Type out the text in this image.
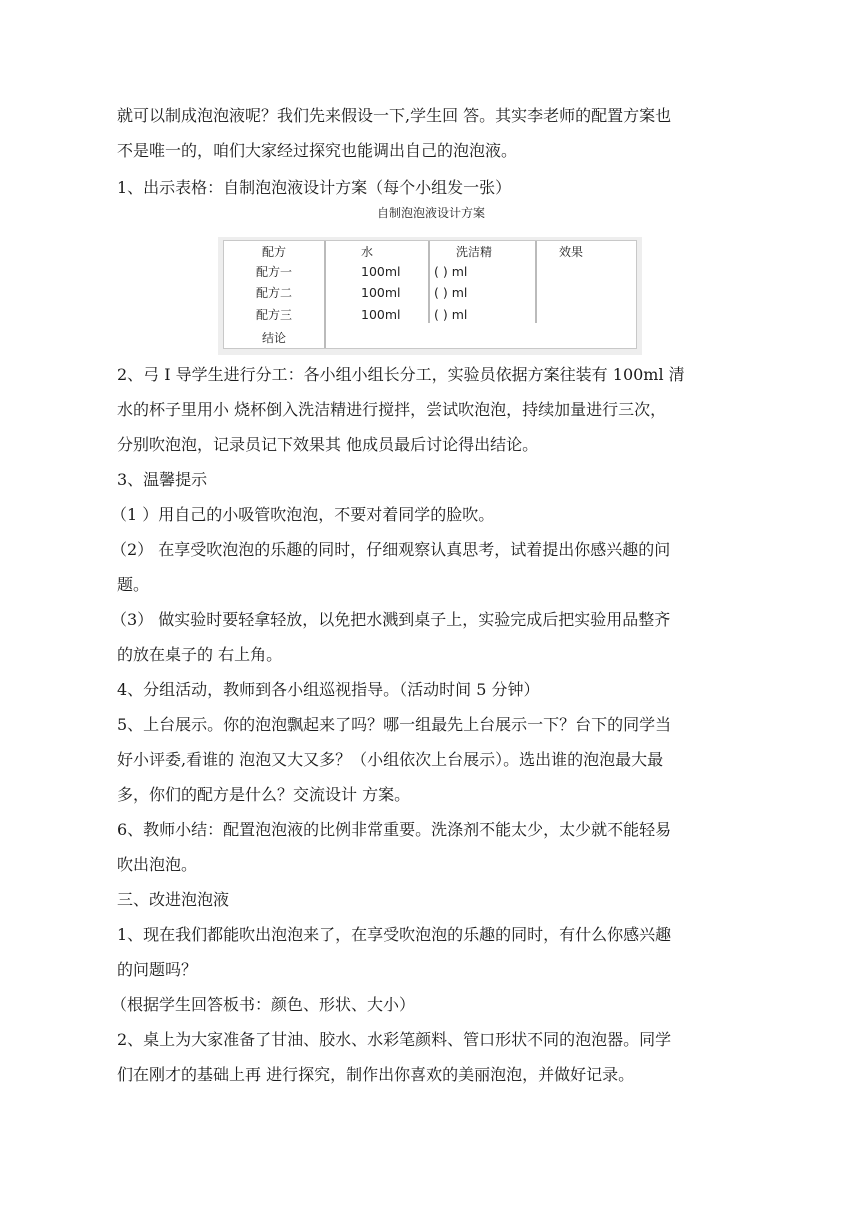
就可以制成泡泡液呢？我们先来假设一下,学生回 答。其实李老师的配置方案也

不是唯一的，咱们大家经过探究也能调出自己的泡泡液。

1、出示表格：自制泡泡液设计方案（每个小组发一张）

自制泡泡液设计方案
配方
配方一
配方二
配方三
结论
水
100ml
100ml
100ml
洗洁精
( ) ml
( ) ml
( ) ml
效果

2、弓 I 导学生进行分工：各小组小组长分工，实验员依据方案往装有 100ml 清

水的杯子里用小 烧杯倒入洗洁精进行搅拌，尝试吹泡泡，持续加量进行三次，

分别吹泡泡，记录员记下效果其 他成员最后讨论得出结论。

3、温馨提示

（1 ）用自己的小吸管吹泡泡，不要对着同学的脸吹。

（2） 在享受吹泡泡的乐趣的同时，仔细观察认真思考，试着提出你感兴趣的问

题。

（3） 做实验时要轻拿轻放，以免把水溅到桌子上，实验完成后把实验用品整齐

的放在桌子的 右上角。

4、分组活动，教师到各小组巡视指导。（活动时间 5 分钟）

5、上台展示。你的泡泡飘起来了吗？哪一组最先上台展示一下？台下的同学当

好小评委,看谁的 泡泡又大又多？（小组依次上台展示）。选出谁的泡泡最大最

多，你们的配方是什么？交流设计 方案。

6、教师小结：配置泡泡液的比例非常重要。洗涤剂不能太少，太少就不能轻易

吹出泡泡。

三、改进泡泡液

1、现在我们都能吹出泡泡来了，在享受吹泡泡的乐趣的同时，有什么你感兴趣

的问题吗？

（根据学生回答板书：颜色、形状、大小）

2、桌上为大家准备了甘油、胶水、水彩笔颜料、管口形状不同的泡泡器。同学

们在刚才的基础上再 进行探究，制作出你喜欢的美丽泡泡，并做好记录。
